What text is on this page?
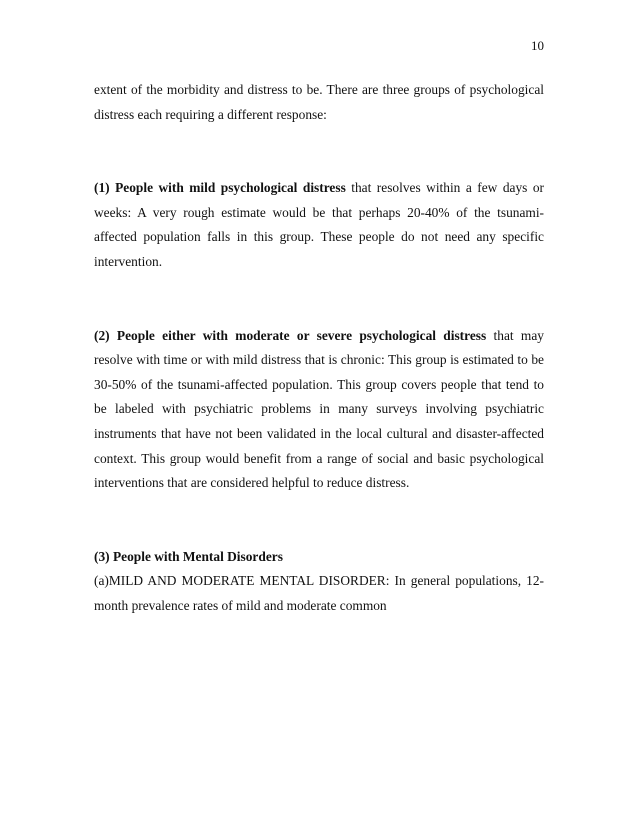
10

extent of the morbidity and distress to be. There are three groups of psychological distress each requiring a different response:

(1) People with mild psychological distress that resolves within a few days or weeks: A very rough estimate would be that perhaps 20-40% of the tsunami-affected population falls in this group. These people do not need any specific intervention.

(2) People either with moderate or severe psychological distress that may resolve with time or with mild distress that is chronic: This group is estimated to be 30-50% of the tsunami-affected population. This group covers people that tend to be labeled with psychiatric problems in many surveys involving psychiatric instruments that have not been validated in the local cultural and disaster-affected context. This group would benefit from a range of social and basic psychological interventions that are considered helpful to reduce distress.

(3) People with Mental Disorders

(a)MILD AND MODERATE MENTAL DISORDER: In general populations, 12-month prevalence rates of mild and moderate common
